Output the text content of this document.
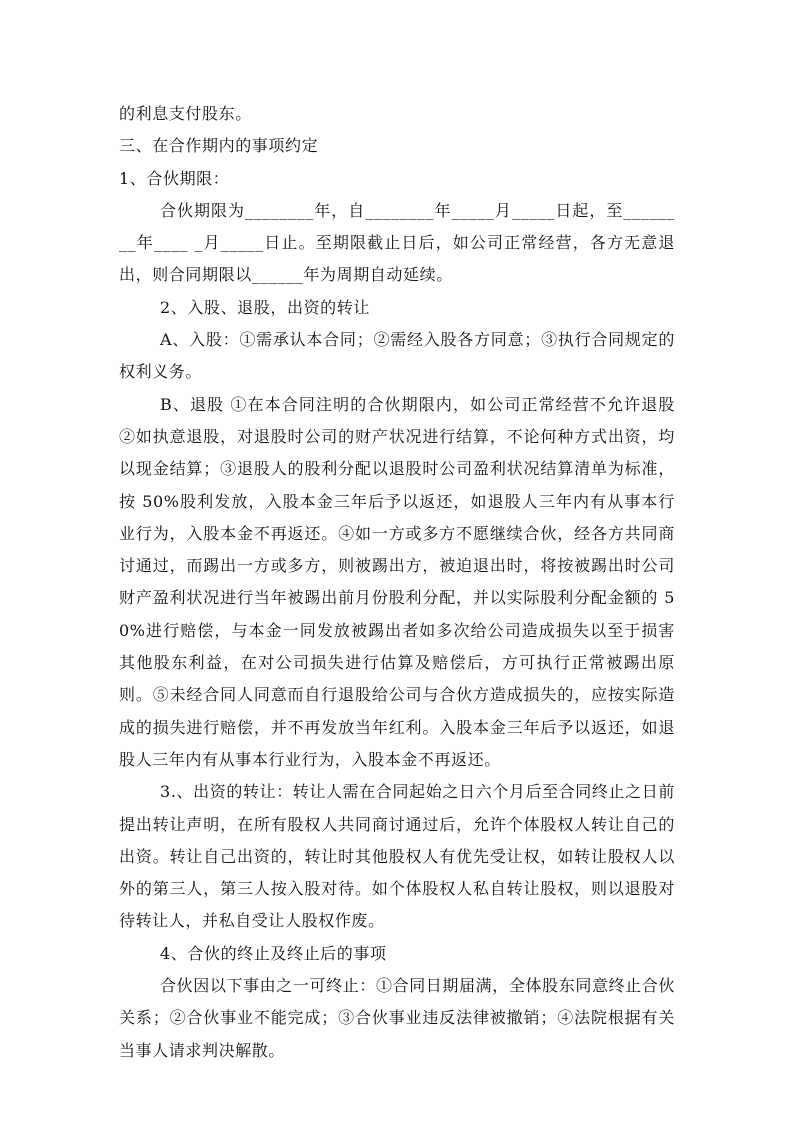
的利息支付股东。

三、在合作期内的事项约定

1、合伙期限：

合伙期限为________年，自________年_____月_____日起，至________年____ _月_____日止。至期限截止日后，如公司正常经营，各方无意退出，则合同期限以______年为周期自动延续。

2、入股、退股，出资的转让

A、入股：①需承认本合同；②需经入股各方同意；③执行合同规定的权利义务。

B、退股 ①在本合同注明的合伙期限内，如公司正常经营不允许退股 ②如执意退股，对退股时公司的财产状况进行结算，不论何种方式出资，均以现金结算；③退股人的股利分配以退股时公司盈利状况结算清单为标准，按 50%股利发放，入股本金三年后予以返还，如退股人三年内有从事本行业行为，入股本金不再返还。④如一方或多方不愿继续合伙，经各方共同商讨通过，而踢出一方或多方，则被踢出方，被迫退出时，将按被踢出时公司财产盈利状况进行当年被踢出前月份股利分配，并以实际股利分配金额的 50%进行赔偿，与本金一同发放被踢出者如多次给公司造成损失以至于损害其他股东利益，在对公司损失进行估算及赔偿后，方可执行正常被踢出原则。⑤未经合同人同意而自行退股给公司与合伙方造成损失的，应按实际造成的损失进行赔偿，并不再发放当年红利。入股本金三年后予以返还，如退股人三年内有从事本行业行为，入股本金不再返还。

3.、出资的转让：转让人需在合同起始之日六个月后至合同终止之日前提出转让声明，在所有股权人共同商讨通过后，允许个体股权人转让自己的出资。转让自己出资的，转让时其他股权人有优先受让权，如转让股权人以外的第三人，第三人按入股对待。如个体股权人私自转让股权，则以退股对待转让人，并私自受让人股权作废。

4、合伙的终止及终止后的事项

合伙因以下事由之一可终止：①合同日期届满，全体股东同意终止合伙关系；②合伙事业不能完成；③合伙事业违反法律被撤销；④法院根据有关当事人请求判决解散。
